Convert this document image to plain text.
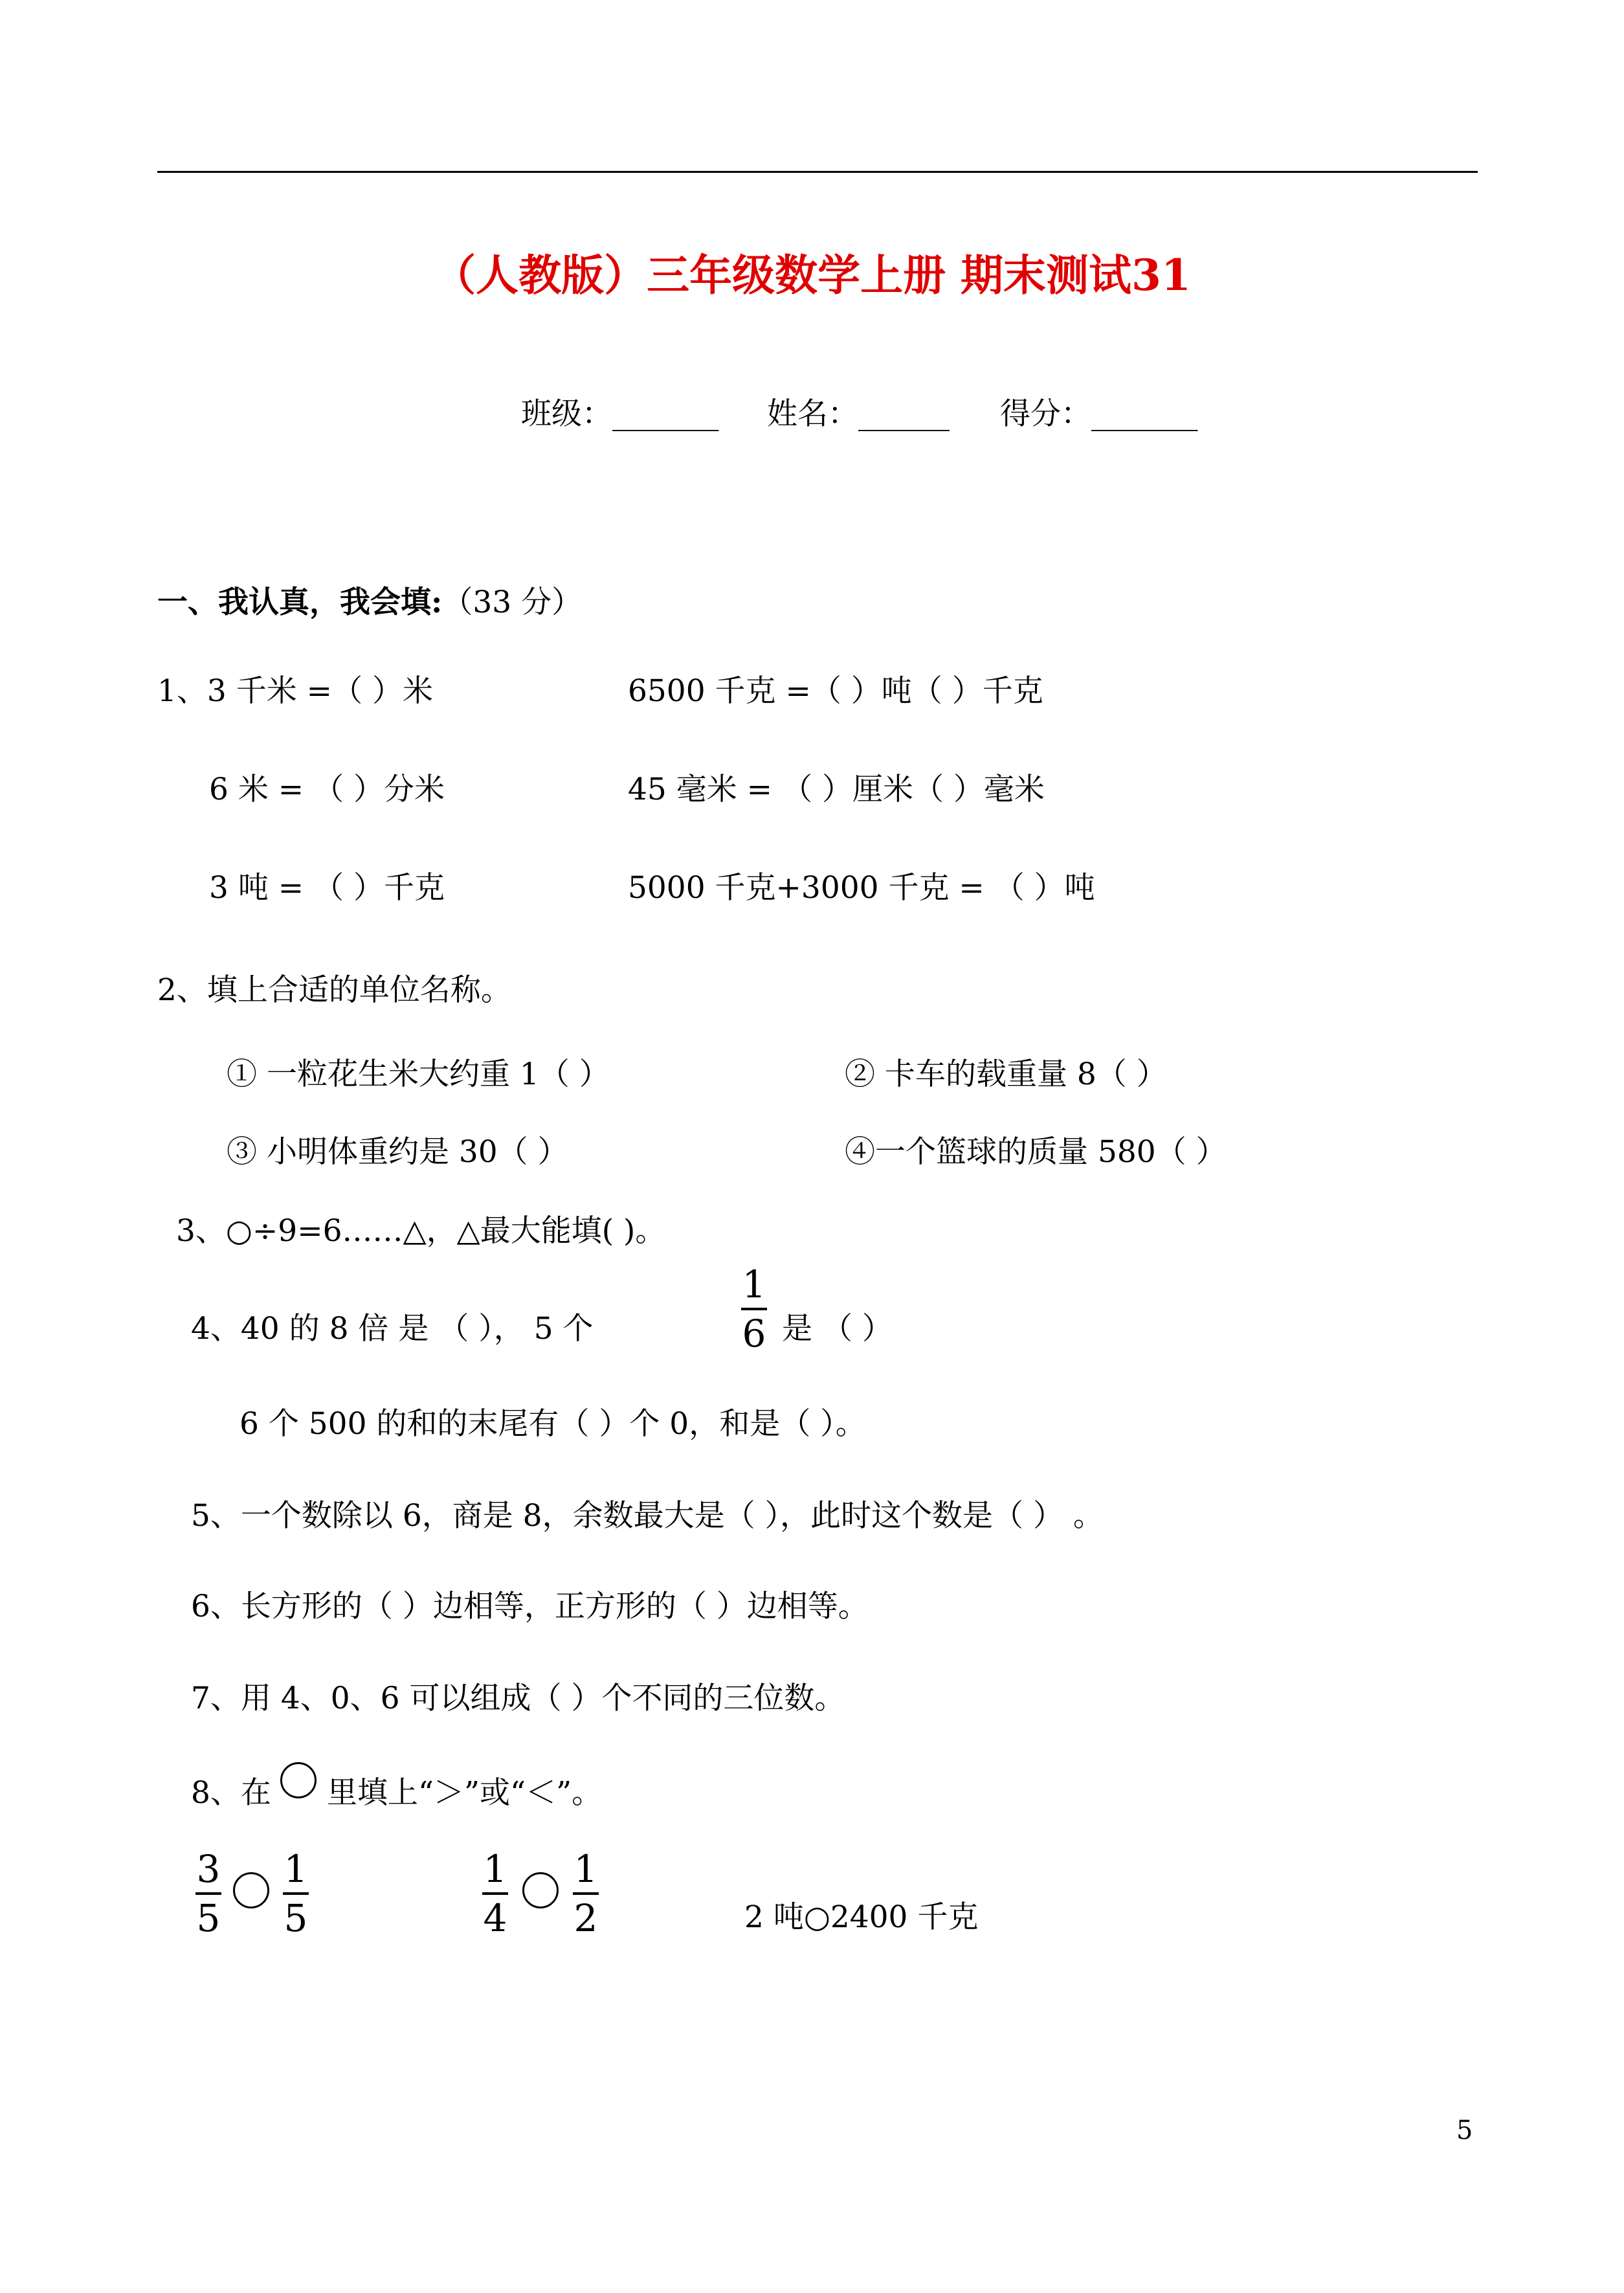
（人教版）三年级数学上册 期末测试31
班级：_______ 姓名：______ 得分：_______
一、我认真，我会填:（33 分）
1、3 千米 =（ ）米	6500 千克 =（ ）吨（ ）千克
6 米 = （ ）分米	45 毫米 = （ ）厘米（ ）毫米
3 吨 = （ ）千克	5000 千克+3000 千克 = （ ）吨
2、填上合适的单位名称。
① 一粒花生米大约重 1（ ）	② 卡车的载重量 8（ ）
③ 小明体重约是 30（ ）	④一个篮球的质量 580（ ）
3、○÷9=6……△，△最大能填( )。
4、40 的 8 倍 是 （ ）， 5 个
1
6 是 （ ）
6 个 500 的和的末尾有（ ）个 0，和是（ ）。
5、一个数除以 6，商是 8，余数最大是（ ），此时这个数是（ ） 。
6、长方形的（ ）边相等，正方形的（ ）边相等。
7、用 4、0、6 可以组成（ ）个不同的三位数。
8、在 里填上“＞”或“＜”。
3
5
1
5
1
4
1
2	2 吨○2400 千克
5
